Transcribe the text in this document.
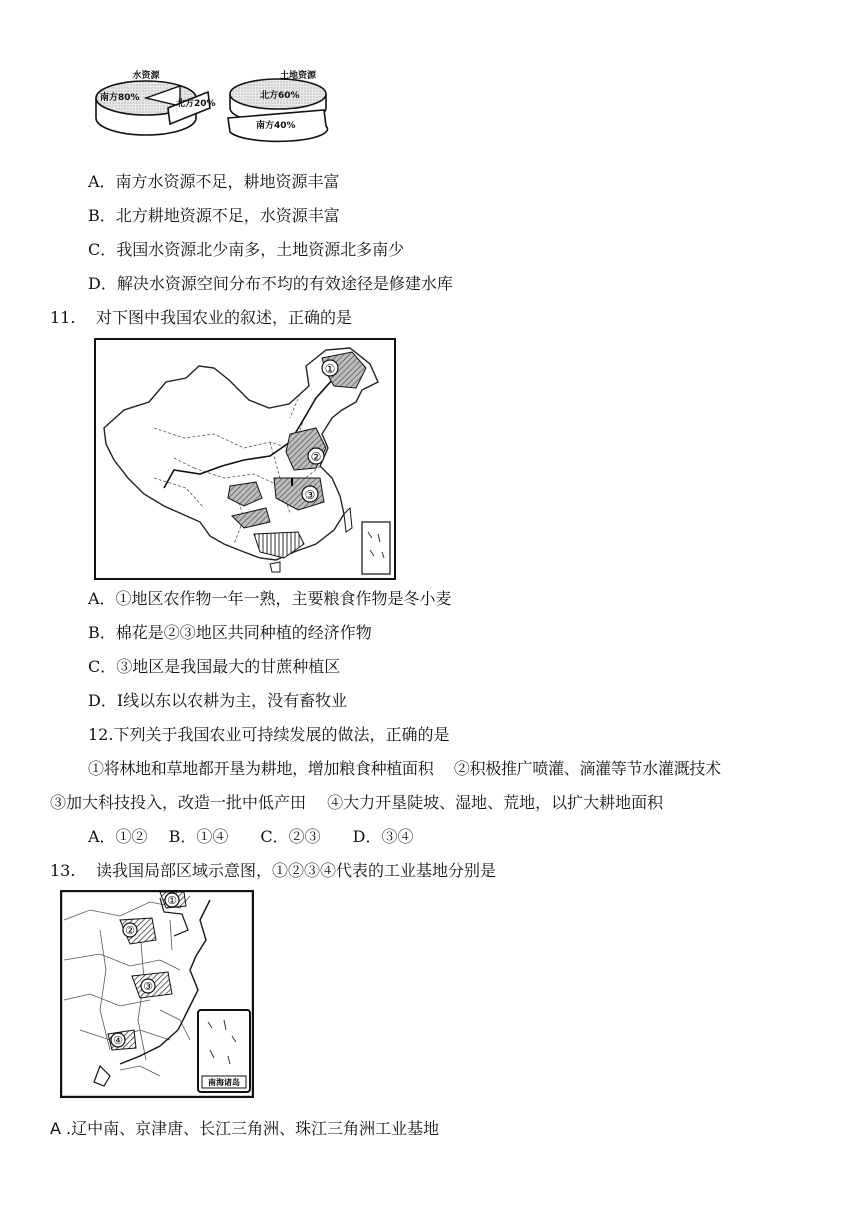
水资源
南方80%
北方20%
土地资源
北方60%
南方40%
A．南方水资源不足，耕地资源丰富
B．北方耕地资源不足，水资源丰富
C．我国水资源北少南多，土地资源北多南少
D．解决水资源空间分布不均的有效途径是修建水库
11. 对下图中我国农业的叙述，正确的是
①
②
③
Ⅰ
A．①地区农作物一年一熟，主要粮食作物是冬小麦
B．棉花是②③地区共同种植的经济作物
C．③地区是我国最大的甘蔗种植区
D．Ⅰ线以东以农耕为主，没有畜牧业
12.下列关于我国农业可持续发展的做法，正确的是
①将林地和草地都开垦为耕地，增加粮食种植面积　 ②积极推广喷灌、滴灌等节水灌溉技术
③加大科技投入，改造一批中低产田　 ④大力开垦陡坡、湿地、荒地，以扩大耕地面积
A．①②　 B．①④　　C．②③　　D．③④
13. 读我国局部区域示意图，①②③④代表的工业基地分别是
①
②
③
④
南海诸岛
A .辽中南、京津唐、长江三角洲、珠江三角洲工业基地
